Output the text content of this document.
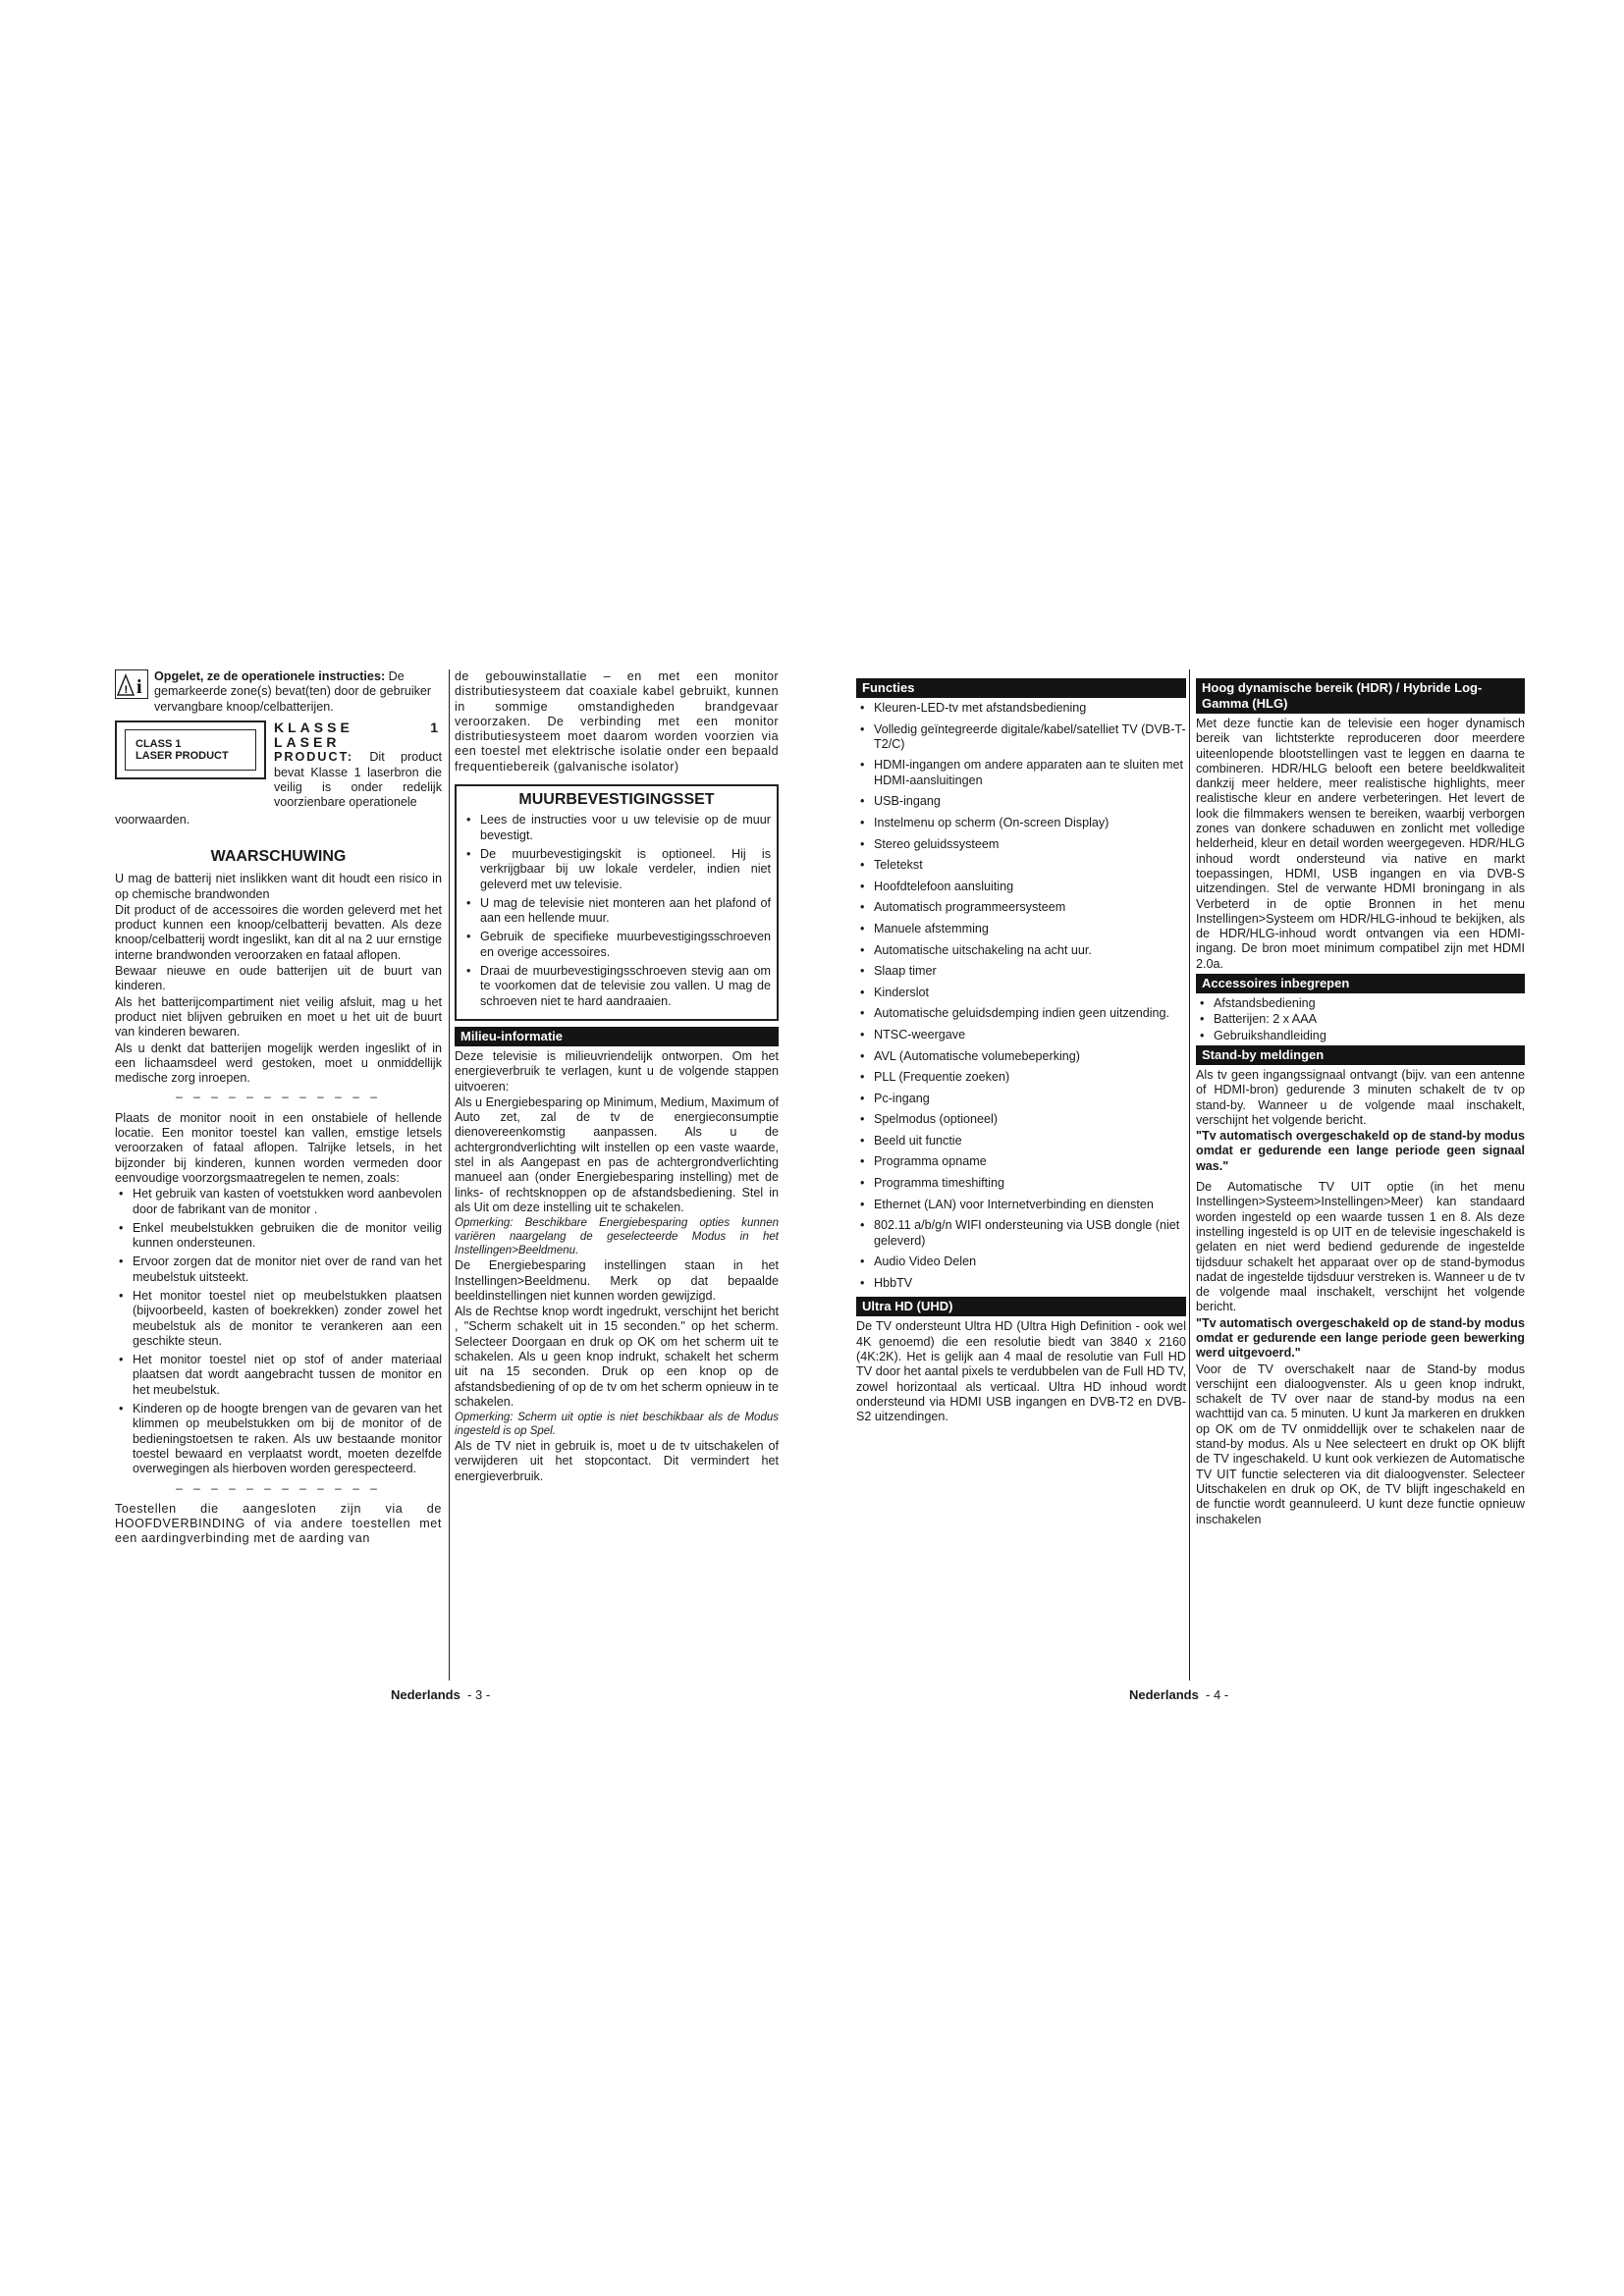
! i Opgelet, ze de operationele instructies: De gemarkeerde zone(s) bevat(ten) door de gebruiker vervangbare knoop/celbatterijen.

CLASS 1
LASER PRODUCT
KLASSE 1 LASER
PRODUCT: Dit product bevat Klasse 1 laserbron die veilig is onder redelijk voorzienbare operationele

voorwaarden.

WAARSCHUWING

U mag de batterij niet inslikken want dit houdt een risico in op chemische brandwonden

Dit product of de accessoires die worden geleverd met het product kunnen een knoop/celbatterij bevatten. Als deze knoop/celbatterij wordt ingeslikt, kan dit al na 2 uur ernstige interne brandwonden veroorzaken en fataal aflopen.

Bewaar nieuwe en oude batterijen uit de buurt van kinderen.

Als het batterijcompartiment niet veilig afsluit, mag u het product niet blijven gebruiken en moet u het uit de buurt van kinderen bewaren.

Als u denkt dat batterijen mogelijk werden ingeslikt of in een lichaamsdeel werd gestoken, moet u onmiddellijk medische zorg inroepen.

– – – – – – – – – – – –

Plaats de monitor nooit in een onstabiele of hellende locatie. Een monitor toestel kan vallen, emstige letsels veroorzaken of fataal aflopen. Talrijke letsels, in het bijzonder bij kinderen, kunnen worden vermeden door eenvoudige voorzorgsmaatregelen te nemen, zoals:

• Het gebruik van kasten of voetstukken word aanbevolen door de fabrikant van de monitor .
• Enkel meubelstukken gebruiken die de monitor veilig kunnen ondersteunen.
• Ervoor zorgen dat de monitor niet over de rand van het meubelstuk uitsteekt.
• Het monitor toestel niet op meubelstukken plaatsen (bijvoorbeeld, kasten of boekrekken) zonder zowel het meubelstuk als de monitor te verankeren aan een geschikte steun.
• Het monitor toestel niet op stof of ander materiaal plaatsen dat wordt aangebracht tussen de monitor en het meubelstuk.
• Kinderen op de hoogte brengen van de gevaren van het klimmen op meubelstukken om bij de monitor of de bedieningstoetsen te raken. Als uw bestaande monitor toestel bewaard en verplaatst wordt, moeten dezelfde overwegingen als hierboven worden gerespecteerd.
– – – – – – – – – – – –

Toestellen die aangesloten zijn via de HOOFDVERBINDING of via andere toestellen met een aardingverbinding met de aarding van

de gebouwinstallatie – en met een monitor distributiesysteem dat coaxiale kabel gebruikt, kunnen in sommige omstandigheden brandgevaar veroorzaken. De verbinding met een monitor distributiesysteem moet daarom worden voorzien via een toestel met elektrische isolatie onder een bepaald frequentiebereik (galvanische isolator)

MUURBEVESTIGINGSSET
• Lees de instructies voor u uw televisie op de muur bevestigt.
• De muurbevestigingskit is optioneel. Hij is verkrijgbaar bij uw lokale verdeler, indien niet geleverd met uw televisie.
• U mag de televisie niet monteren aan het plafond of aan een hellende muur.
• Gebruik de specifieke muurbevestigingsschroeven en overige accessoires.
• Draai de muurbevestigingsschroeven stevig aan om te voorkomen dat de televisie zou vallen. U mag de schroeven niet te hard aandraaien.
Milieu-informatie

Deze televisie is milieuvriendelijk ontworpen. Om het energieverbruik te verlagen, kunt u de volgende stappen uitvoeren:

Als u Energiebesparing op Minimum, Medium, Maximum of Auto zet, zal de tv de energieconsumptie dienovereenkomstig aanpassen. Als u de achtergrondverlichting wilt instellen op een vaste waarde, stel in als Aangepast en pas de achtergrondverlichting manueel aan (onder Energiebesparing instelling) met de links- of rechtsknoppen op de afstandsbediening. Stel in als Uit om deze instelling uit te schakelen.

Opmerking: Beschikbare Energiebesparing opties kunnen variëren naargelang de geselecteerde Modus in het Instellingen>Beeldmenu.

De Energiebesparing instellingen staan in het Instellingen>Beeldmenu. Merk op dat bepaalde beeldinstellingen niet kunnen worden gewijzigd.

Als de Rechtse knop wordt ingedrukt, verschijnt het bericht , "Scherm schakelt uit in 15 seconden." op het scherm. Selecteer Doorgaan en druk op OK om het scherm uit te schakelen. Als u geen knop indrukt, schakelt het scherm uit na 15 seconden. Druk op een knop op de afstandsbediening of op de tv om het scherm opnieuw in te schakelen.

Opmerking: Scherm uit optie is niet beschikbaar als de Modus ingesteld is op Spel.

Als de TV niet in gebruik is, moet u de tv uitschakelen of verwijderen uit het stopcontact. Dit vermindert het energieverbruik.

Nederlands - 3 -
Functies
• Kleuren-LED-tv met afstandsbediening
• Volledig geïntegreerde digitale/kabel/satelliet TV (DVB-T-T2/C)
• HDMI-ingangen om andere apparaten aan te sluiten met HDMI-aansluitingen
• USB-ingang
• Instelmenu op scherm (On-screen Display)
• Stereo geluidssysteem
• Teletekst
• Hoofdtelefoon aansluiting
• Automatisch programmeersysteem
• Manuele afstemming
• Automatische uitschakeling na acht uur.
• Slaap timer
• Kinderslot
• Automatische geluidsdemping indien geen uitzending.
• NTSC-weergave
• AVL (Automatische volumebeperking)
• PLL (Frequentie zoeken)
• Pc-ingang
• Spelmodus (optioneel)
• Beeld uit functie
• Programma opname
• Programma timeshifting
• Ethernet (LAN) voor Internetverbinding en diensten
• 802.11 a/b/g/n WIFI ondersteuning via USB dongle (niet geleverd)
• Audio Video Delen
• HbbTV
Ultra HD (UHD)

De TV ondersteunt Ultra HD (Ultra High Definition - ook wel 4K genoemd) die een resolutie biedt van 3840 x 2160 (4K:2K). Het is gelijk aan 4 maal de resolutie van Full HD TV door het aantal pixels te verdubbelen van de Full HD TV, zowel horizontaal als verticaal. Ultra HD inhoud wordt ondersteund via HDMI USB ingangen en DVB-T2 en DVB-S2 uitzendingen.

Hoog dynamische bereik (HDR) / Hybride Log-Gamma (HLG)

Met deze functie kan de televisie een hoger dynamisch bereik van lichtsterkte reproduceren door meerdere uiteenlopende blootstellingen vast te leggen en daarna te combineren. HDR/HLG belooft een betere beeldkwaliteit dankzij meer heldere, meer realistische highlights, meer realistische kleur en andere verbeteringen. Het levert de look die filmmakers wensen te bereiken, waarbij verborgen zones van donkere schaduwen en zonlicht met volledige helderheid, kleur en detail worden weergegeven. HDR/HLG inhoud wordt ondersteund via native en markt toepassingen, HDMI, USB ingangen en via DVB-S uitzendingen. Stel de verwante HDMI broningang in als Verbeterd in de optie Bronnen in het menu Instellingen>Systeem om HDR/HLG-inhoud te bekijken, als de HDR/HLG-inhoud wordt ontvangen via een HDMI-ingang. De bron moet minimum compatibel zijn met HDMI 2.0a.

Accessoires inbegrepen
• Afstandsbediening
• Batterijen: 2 x AAA
• Gebruikshandleiding
Stand-by meldingen

Als tv geen ingangssignaal ontvangt (bijv. van een antenne of HDMI-bron) gedurende 3 minuten schakelt de tv op stand-by. Wanneer u de volgende maal inschakelt, verschijnt het volgende bericht.

"Tv automatisch overgeschakeld op de stand-by modus omdat er gedurende een lange periode geen signaal was."

De Automatische TV UIT optie (in het menu Instellingen>Systeem>Instellingen>Meer) kan standaard worden ingesteld op een waarde tussen 1 en 8. Als deze instelling ingesteld is op UIT en de televisie ingeschakeld is gelaten en niet werd bediend gedurende de ingestelde tijdsduur schakelt het apparaat over op de stand-bymodus nadat de ingestelde tijdsduur verstreken is. Wanneer u de tv de volgende maal inschakelt, verschijnt het volgende bericht.

"Tv automatisch overgeschakeld op de stand-by modus omdat er gedurende een lange periode geen bewerking werd uitgevoerd."

Voor de TV overschakelt naar de Stand-by modus verschijnt een dialoogvenster. Als u geen knop indrukt, schakelt de TV over naar de stand-by modus na een wachttijd van ca. 5 minuten. U kunt Ja markeren en drukken op OK om de TV onmiddellijk over te schakelen naar de stand-by modus. Als u Nee selecteert en drukt op OK blijft de TV ingeschakeld. U kunt ook verkiezen de Automatische TV UIT functie selecteren via dit dialoogvenster. Selecteer Uitschakelen en druk op OK, de TV blijft ingeschakeld en de functie wordt geannuleerd. U kunt deze functie opnieuw inschakelen

Nederlands - 4 -
